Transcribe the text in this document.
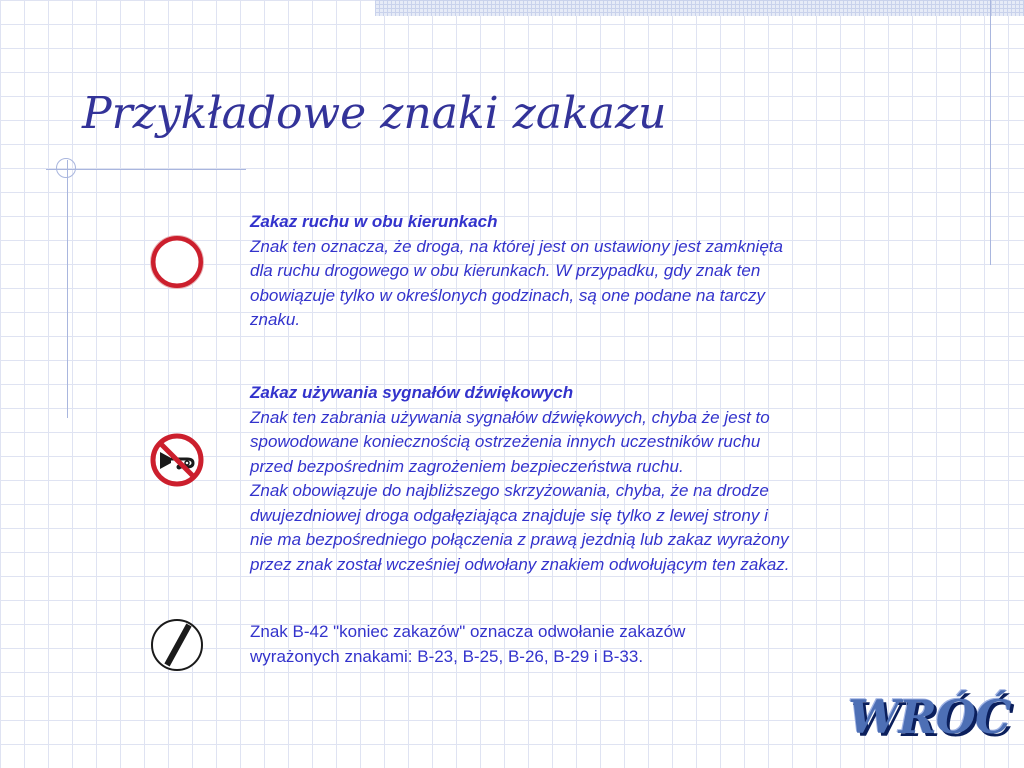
Przykładowe znaki zakazu
Zakaz ruchu w obu kierunkach
Znak ten oznacza, że droga, na której jest on ustawiony jest zamknięta
dla ruchu drogowego w obu kierunkach. W przypadku, gdy znak ten
obowiązuje tylko w określonych godzinach, są one podane na tarczy
znaku.
Zakaz używania sygnałów dźwiękowych
Znak ten zabrania używania sygnałów dźwiękowych, chyba że jest to
spowodowane koniecznością ostrzeżenia innych uczestników ruchu
przed bezpośrednim zagrożeniem bezpieczeństwa ruchu.
Znak obowiązuje do najbliższego skrzyżowania, chyba, że na drodze
dwujezdniowej droga odgałęziająca znajduje się tylko z lewej strony i
nie ma bezpośredniego połączenia z prawą jezdnią lub zakaz wyrażony
przez znak został wcześniej odwołany znakiem odwołującym ten zakaz.
Znak B-42 "koniec zakazów" oznacza odwołanie zakazów
wyrażonych znakami: B-23, B-25, B-26, B-29 i B-33.
WRÓĆ
